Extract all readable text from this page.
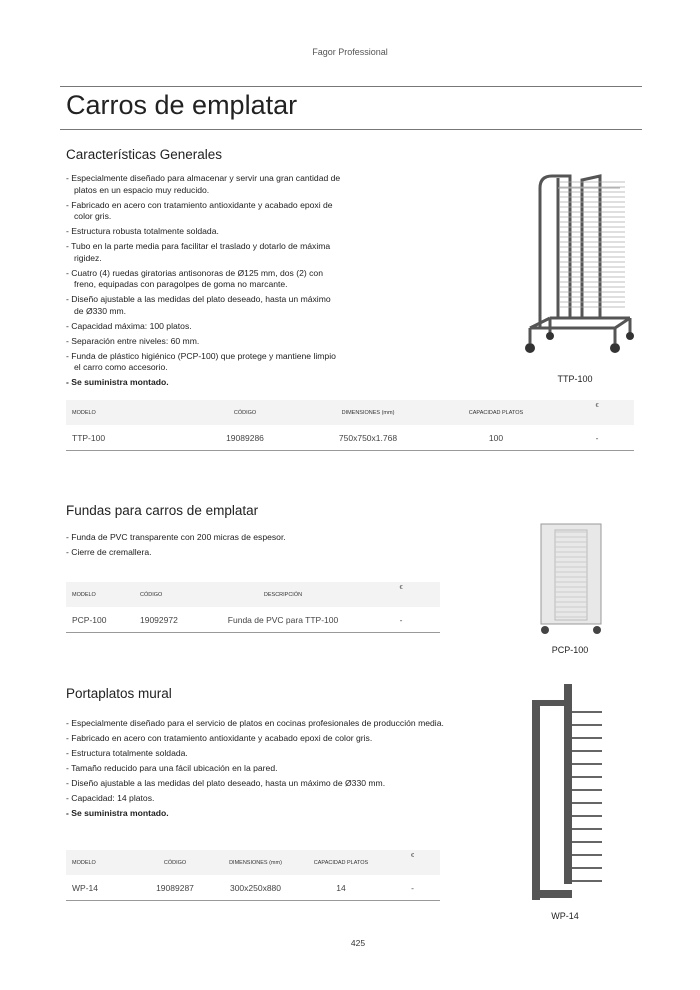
Fagor Professional
Carros de emplatar
Características Generales
- Especialmente diseñado para almacenar y servir una gran cantidad de platos en un espacio muy reducido.
- Fabricado en acero con tratamiento antioxidante y acabado epoxi de color gris.
- Estructura robusta totalmente soldada.
- Tubo en la parte media para facilitar el traslado y dotarlo de máxima rigidez.
- Cuatro (4) ruedas giratorias antisonoras de Ø125 mm, dos (2) con freno, equipadas con paragolpes de goma no marcante.
- Diseño ajustable a las medidas del plato deseado, hasta un máximo de Ø330 mm.
- Capacidad máxima: 100 platos.
- Separación entre niveles: 60 mm.
- Funda de plástico higiénico (PCP-100) que protege y mantiene limpio el carro como accesorio.
- Se suministra montado.	TTP-100
MODELO	CÓDIGO	DIMENSIONES (mm)	CAPACIDAD PLATOS	€
TTP-100	19089286	750x750x1.768	100	-
Fundas para carros de emplatar
- Funda de PVC transparente con 200 micras de espesor.
- Cierre de cremallera.
PCP-100
MODELO	CÓDIGO	DESCRIPCIÓN	€
PCP-100	19092972	Funda de PVC para TTP-100	-
Portaplatos mural
- Especialmente diseñado para el servicio de platos en cocinas profesionales de producción media.
- Fabricado en acero con tratamiento antioxidante y acabado epoxi de color gris.
- Estructura totalmente soldada.
- Tamaño reducido para una fácil ubicación en la pared.
- Diseño ajustable a las medidas del plato deseado, hasta un máximo de Ø330 mm.
- Capacidad: 14 platos.
- Se suministra montado.
WP-14
MODELO	CÓDIGO	DIMENSIONES (mm)	CAPACIDAD PLATOS	€
WP-14	19089287	300x250x880	14	-
425
